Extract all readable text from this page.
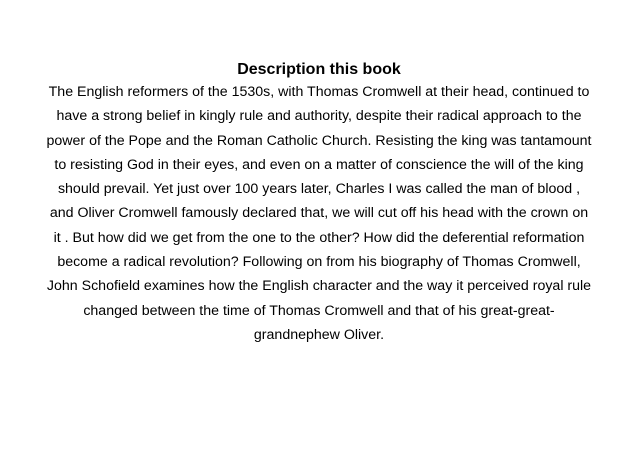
Description this book

The English reformers of the 1530s, with Thomas Cromwell at their head, continued to
have a strong belief in kingly rule and authority, despite their radical approach to the
power of the Pope and the Roman Catholic Church. Resisting the king was tantamount
to resisting God in their eyes, and even on a matter of conscience the will of the king
should prevail. Yet just over 100 years later, Charles I was called the man of blood ,
and Oliver Cromwell famously declared that, we will cut off his head with the crown on
it . But how did we get from the one to the other? How did the deferential reformation
become a radical revolution? Following on from his biography of Thomas Cromwell,
John Schofield examines how the English character and the way it perceived royal rule
changed between the time of Thomas Cromwell and that of his great-great-
grandnephew Oliver.
